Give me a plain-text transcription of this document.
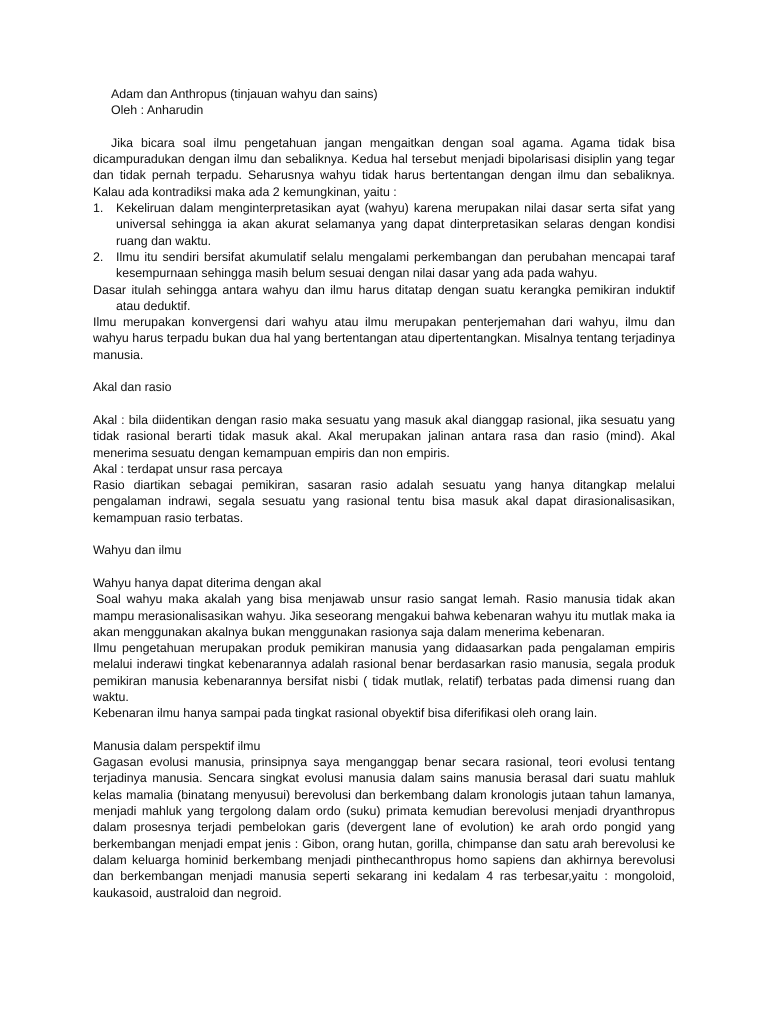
Adam dan Anthropus (tinjauan wahyu dan sains)

Oleh : Anharudin

Jika bicara soal ilmu pengetahuan jangan mengaitkan dengan soal agama. Agama tidak bisa dicampuradukan dengan ilmu dan sebaliknya. Kedua hal tersebut menjadi bipolarisasi disiplin yang tegar dan tidak pernah terpadu. Seharusnya wahyu tidak harus bertentangan dengan ilmu dan sebaliknya. Kalau ada kontradiksi maka ada 2 kemungkinan, yaitu :

1.	Kekeliruan dalam menginterpretasikan ayat (wahyu) karena merupakan nilai dasar serta sifat yang universal sehingga ia akan akurat selamanya yang dapat dinterpretasikan selaras dengan kondisi ruang dan waktu.
2.	Ilmu itu sendiri bersifat akumulatif selalu mengalami perkembangan dan perubahan mencapai taraf kesempurnaan sehingga masih belum sesuai dengan nilai dasar yang ada pada wahyu.

Dasar itulah sehingga antara wahyu dan ilmu harus ditatap dengan suatu kerangka pemikiran induktif atau deduktif.

Ilmu merupakan konvergensi dari wahyu atau ilmu merupakan penterjemahan dari wahyu, ilmu dan wahyu harus terpadu bukan dua hal yang bertentangan atau dipertentangkan. Misalnya tentang terjadinya manusia.

Akal dan rasio

Akal : bila diidentikan dengan rasio maka sesuatu yang masuk akal dianggap rasional, jika sesuatu yang tidak rasional berarti tidak masuk akal. Akal merupakan jalinan antara rasa dan rasio (mind). Akal menerima sesuatu dengan kemampuan empiris dan non empiris.

Akal : terdapat unsur rasa percaya

Rasio diartikan sebagai pemikiran, sasaran rasio adalah sesuatu yang hanya ditangkap melalui pengalaman indrawi, segala sesuatu yang rasional tentu bisa masuk akal dapat dirasionalisasikan, kemampuan rasio terbatas.

Wahyu dan ilmu

Wahyu hanya dapat diterima dengan akal

Soal wahyu maka akalah yang bisa menjawab unsur rasio sangat lemah. Rasio manusia tidak akan mampu merasionalisasikan wahyu. Jika seseorang mengakui bahwa kebenaran wahyu itu mutlak maka ia akan menggunakan akalnya bukan menggunakan rasionya saja dalam menerima kebenaran.

Ilmu pengetahuan merupakan produk pemikiran manusia yang didaasarkan pada pengalaman empiris melalui inderawi tingkat kebenarannya adalah rasional benar berdasarkan rasio manusia, segala produk pemikiran manusia kebenarannya bersifat nisbi ( tidak mutlak, relatif) terbatas pada dimensi ruang dan waktu.

Kebenaran ilmu hanya sampai pada tingkat rasional obyektif bisa diferifikasi oleh orang lain.

Manusia dalam perspektif ilmu

Gagasan evolusi manusia, prinsipnya saya menganggap benar secara rasional, teori evolusi tentang terjadinya manusia. Sencara singkat evolusi manusia dalam sains manusia berasal dari suatu mahluk kelas mamalia (binatang menyusui) berevolusi dan berkembang dalam kronologis jutaan tahun lamanya, menjadi mahluk yang tergolong dalam ordo (suku) primata kemudian berevolusi menjadi dryanthropus dalam prosesnya terjadi pembelokan garis (devergent lane of evolution) ke arah ordo pongid yang berkembangan menjadi empat jenis : Gibon, orang hutan, gorilla, chimpanse dan satu arah berevolusi ke dalam keluarga hominid berkembang menjadi pinthecanthropus homo sapiens dan akhirnya berevolusi dan berkembangan menjadi manusia seperti sekarang ini kedalam 4 ras terbesar,yaitu : mongoloid, kaukasoid, australoid dan negroid.
